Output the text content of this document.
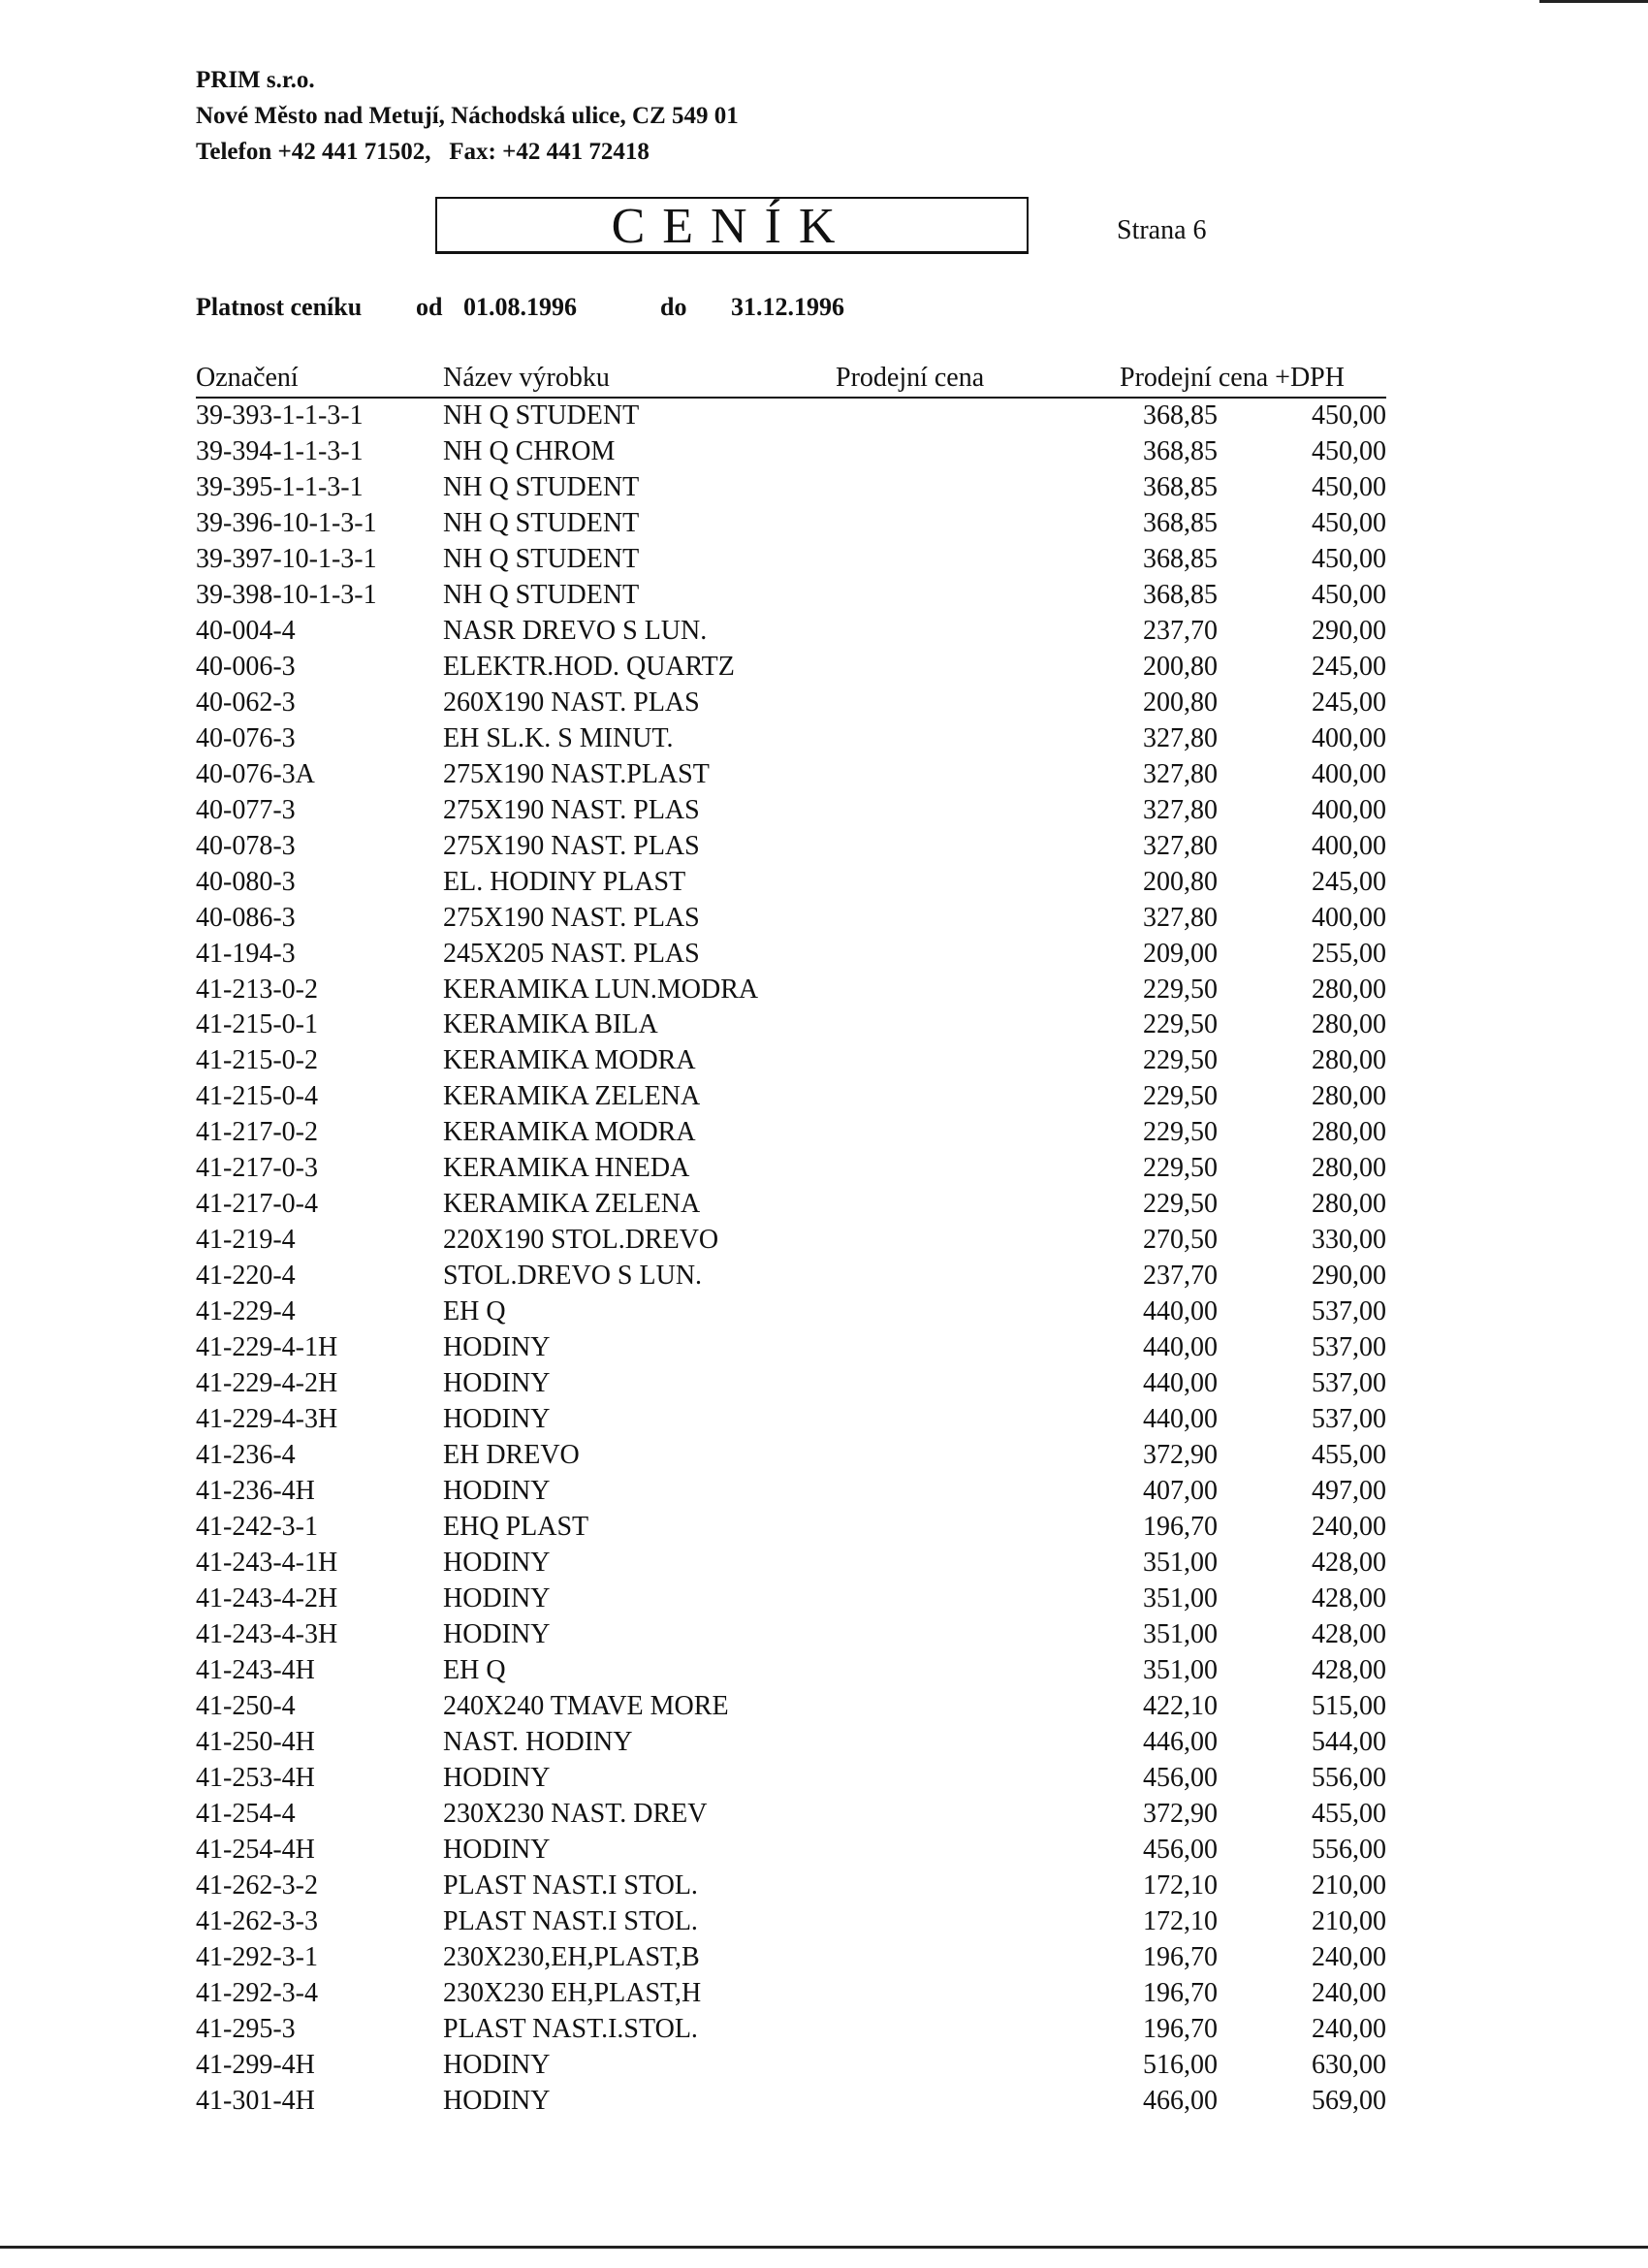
PRIM s.r.o.
Nové Město nad Metují, Náchodská ulice, CZ 549 01
Telefon +42 441 71502,   Fax: +42 441 72418
CENÍK	Strana 6
Platnost ceníku od 01.08.1996	do 31.12.1996
Označení	Název výrobku	Prodejní cena	Prodejní cena +DPH
39-393-1-1-3-1	NH Q STUDENT	368,85	450,00
39-394-1-1-3-1	NH Q CHROM	368,85	450,00
39-395-1-1-3-1	NH Q STUDENT	368,85	450,00
39-396-10-1-3-1 NH Q STUDENT	368,85	450,00
39-397-10-1-3-1 NH Q STUDENT	368,85	450,00
39-398-10-1-3-1 NH Q STUDENT	368,85	450,00
40-004-4	NASR DREVO S LUN.	237,70	290,00
40-006-3	ELEKTR.HOD. QUARTZ	200,80	245,00
40-062-3	260X190 NAST. PLAS	200,80	245,00
40-076-3	EH SL.K. S MINUT.	327,80	400,00
40-076-3A	275X190 NAST.PLAST	327,80	400,00
40-077-3	275X190 NAST. PLAS	327,80	400,00
40-078-3	275X190 NAST. PLAS	327,80	400,00
40-080-3	EL. HODINY PLAST	200,80	245,00
40-086-3	275X190 NAST. PLAS	327,80	400,00
41-194-3	245X205 NAST. PLAS	209,00	255,00
41-213-0-2	KERAMIKA LUN.MODRA	229,50	280,00
41-215-0-1	KERAMIKA BILA	229,50	280,00
41-215-0-2	KERAMIKA MODRA	229,50	280,00
41-215-0-4	KERAMIKA ZELENA	229,50	280,00
41-217-0-2	KERAMIKA MODRA	229,50	280,00
41-217-0-3	KERAMIKA HNEDA	229,50	280,00
41-217-0-4	KERAMIKA ZELENA	229,50	280,00
41-219-4	220X190 STOL.DREVO	270,50	330,00
41-220-4	STOL.DREVO S LUN.	237,70	290,00
41-229-4	EH Q	440,00	537,00
41-229-4-1H	HODINY	440,00	537,00
41-229-4-2H	HODINY	440,00	537,00
41-229-4-3H	HODINY	440,00	537,00
41-236-4	EH DREVO	372,90	455,00
41-236-4H	HODINY	407,00	497,00
41-242-3-1	EHQ PLAST	196,70	240,00
41-243-4-1H	HODINY	351,00	428,00
41-243-4-2H	HODINY	351,00	428,00
41-243-4-3H	HODINY	351,00	428,00
41-243-4H	EH Q	351,00	428,00
41-250-4	240X240 TMAVE MORE	422,10	515,00
41-250-4H	NAST. HODINY	446,00	544,00
41-253-4H	HODINY	456,00	556,00
41-254-4	230X230 NAST. DREV	372,90	455,00
41-254-4H	HODINY	456,00	556,00
41-262-3-2	PLAST NAST.I STOL.	172,10	210,00
41-262-3-3	PLAST NAST.I STOL.	172,10	210,00
41-292-3-1	230X230,EH,PLAST,B	196,70	240,00
41-292-3-4	230X230 EH,PLAST,H	196,70	240,00
41-295-3	PLAST NAST.I.STOL.	196,70	240,00
41-299-4H	HODINY	516,00	630,00
41-301-4H	HODINY	466,00	569,00
